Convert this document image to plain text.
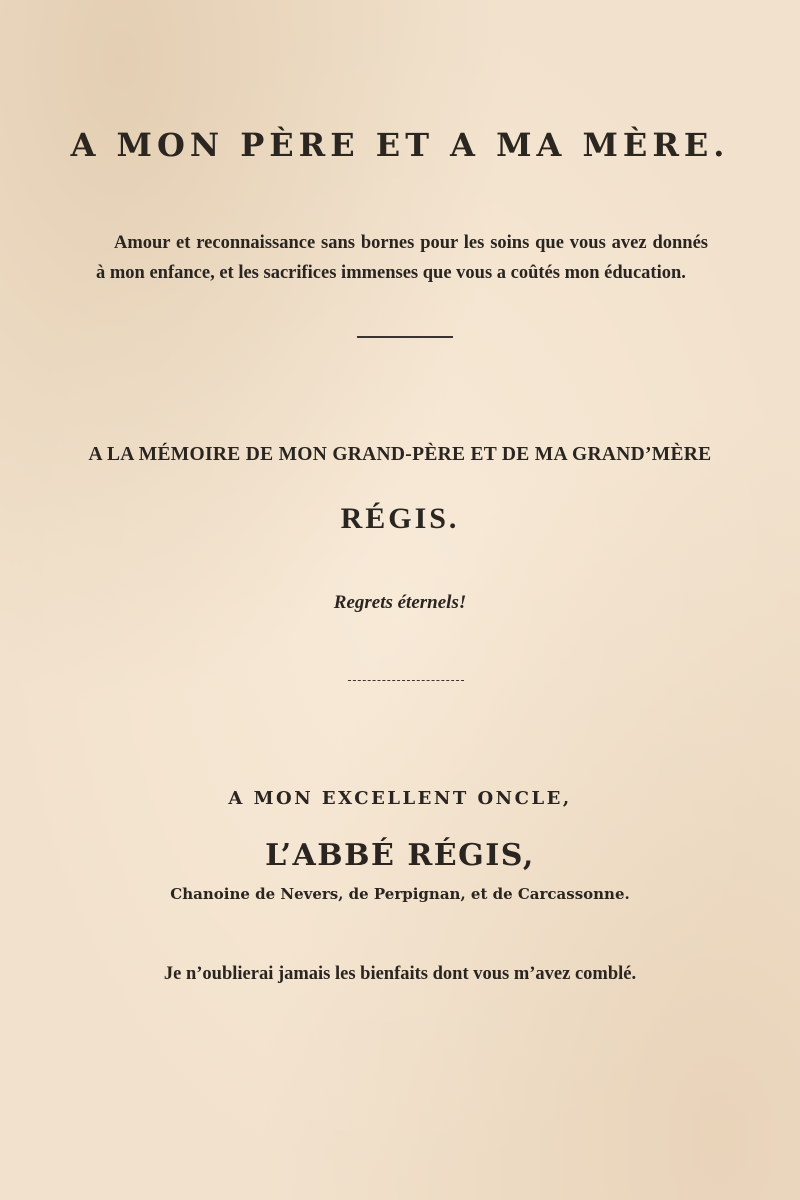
A MON PÈRE ET A MA MÈRE.
Amour et reconnaissance sans bornes pour les soins que vous avez donnés à mon enfance, et les sacrifices immenses que vous a coûtés mon éducation.
A LA MÉMOIRE DE MON GRAND-PÈRE ET DE MA GRAND’MÈRE
RÉGIS.
Regrets éternels!
A MON EXCELLENT ONCLE,
L’ABBÉ RÉGIS,
Chanoine de Nevers, de Perpignan, et de Carcassonne.
Je n’oublierai jamais les bienfaits dont vous m’avez comblé.
